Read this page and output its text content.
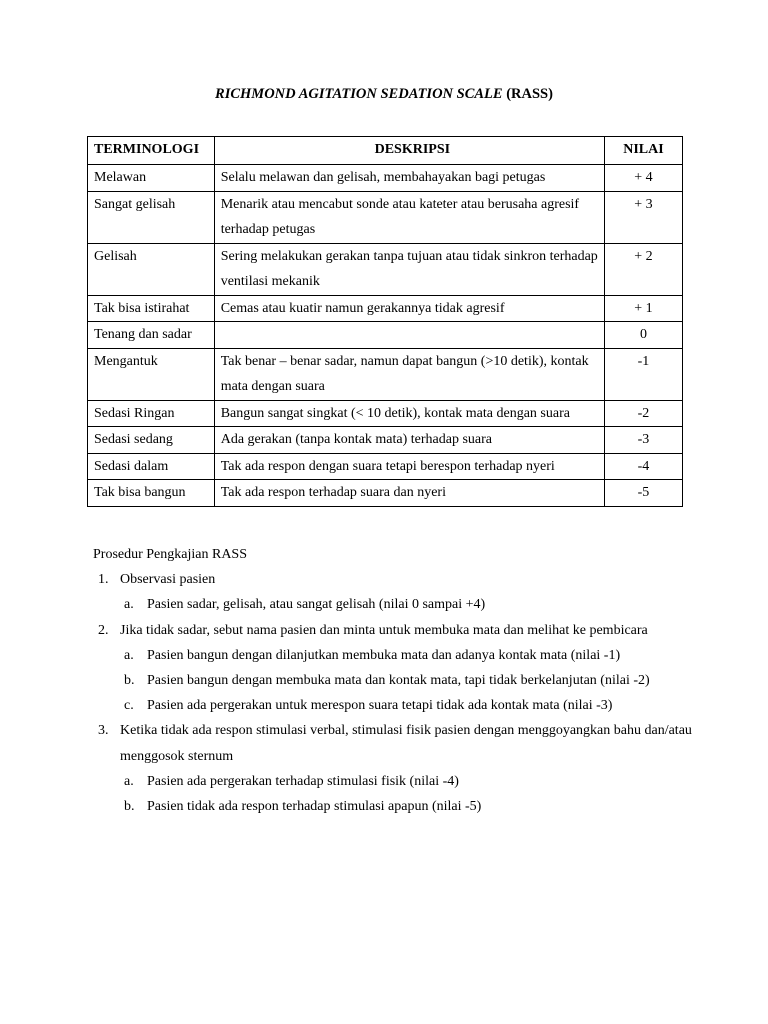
RICHMOND AGITATION SEDATION SCALE (RASS)
TERMINOLOGI	DESKRIPSI	NILAI
Melawan	Selalu melawan dan gelisah, membahayakan bagi petugas	+ 4
Sangat gelisah	Menarik atau mencabut sonde atau kateter atau berusaha agresif terhadap petugas	+ 3
Gelisah	Sering melakukan gerakan tanpa tujuan atau tidak sinkron terhadap ventilasi mekanik	+ 2
Tak bisa istirahat	Cemas atau kuatir namun gerakannya tidak agresif	+ 1
Tenang dan sadar		0
Mengantuk	Tak benar – benar sadar, namun dapat bangun (>10 detik), kontak mata dengan suara	-1
Sedasi Ringan	Bangun sangat singkat (< 10 detik), kontak mata dengan suara	-2
Sedasi sedang	Ada gerakan (tanpa kontak mata) terhadap suara	-3
Sedasi dalam	Tak ada respon dengan suara tetapi berespon terhadap nyeri	-4
Tak bisa bangun	Tak ada respon terhadap suara dan nyeri	-5
Prosedur Pengkajian RASS
1. Observasi pasien
a. Pasien sadar, gelisah, atau sangat gelisah (nilai 0 sampai +4)
2. Jika tidak sadar, sebut nama pasien dan minta untuk membuka mata dan melihat ke pembicara
a. Pasien bangun dengan dilanjutkan membuka mata dan adanya kontak mata (nilai -1)
b. Pasien bangun dengan membuka mata dan kontak mata, tapi tidak berkelanjutan (nilai -2)
c. Pasien ada pergerakan untuk merespon suara tetapi tidak ada kontak mata (nilai -3)
3. Ketika tidak ada respon stimulasi verbal, stimulasi fisik pasien dengan menggoyangkan bahu dan/atau menggosok sternum
a. Pasien ada pergerakan terhadap stimulasi fisik (nilai -4)
b. Pasien tidak ada respon terhadap stimulasi apapun (nilai -5)
